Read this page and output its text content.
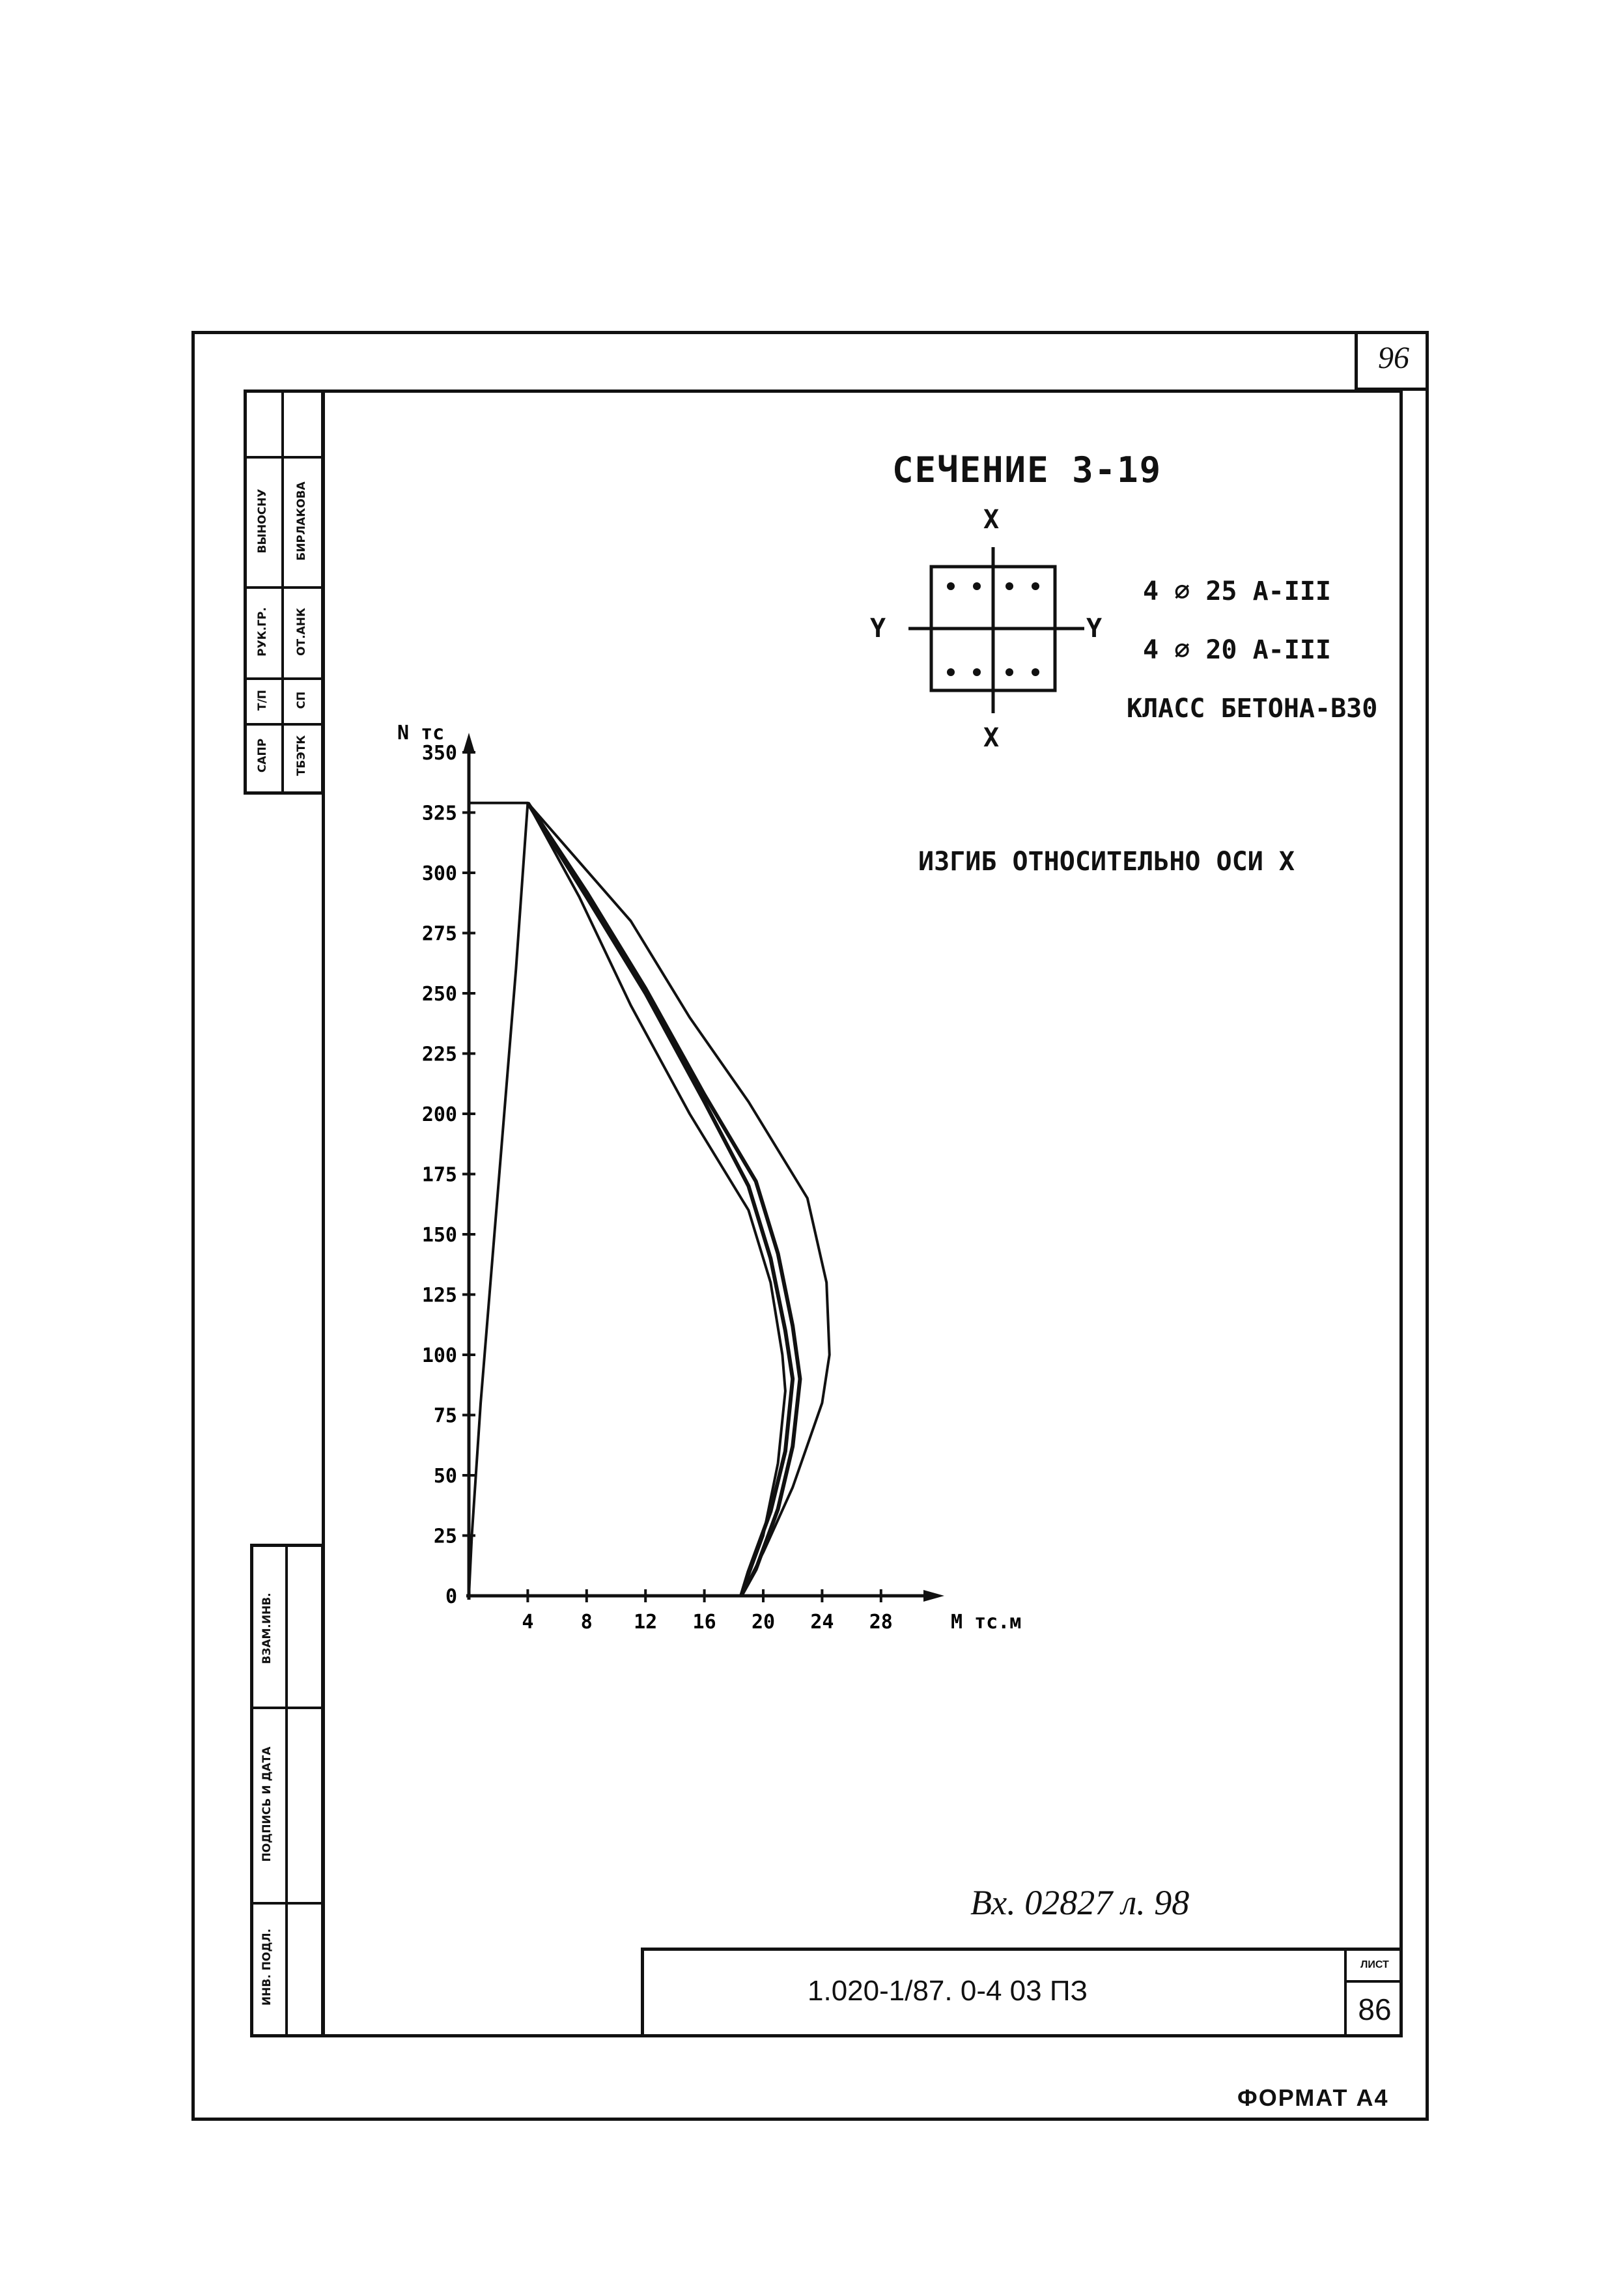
96
САПР
Т/П
РУК.ГР.
ВЫНОСНУ
ТБЭТК
СП
ОТ.АНК
БИРЛАКОВА
ИНВ. ПОДЛ.
ПОДПИСЬ И ДАТА
ВЗАМ.ИНВ.
СЕЧЕНИЕ 3-19
X
X
Y	Y
4 ⌀ 25 А-III
4 ⌀ 20 А-III
КЛАСС БЕТОНА-В30
ИЗГИБ ОТНОСИТЕЛЬНО ОСИ X
0
25
50
75
100
125
150
175
200
225
250
275
300
325
350
4 8 12 16 20 24 28
N тс
М тс.м
Вх. 02827 л. 98
1.020-1/87. 0-4 03 ПЗ
ЛИСТ
86
ФОРМАТ А4
